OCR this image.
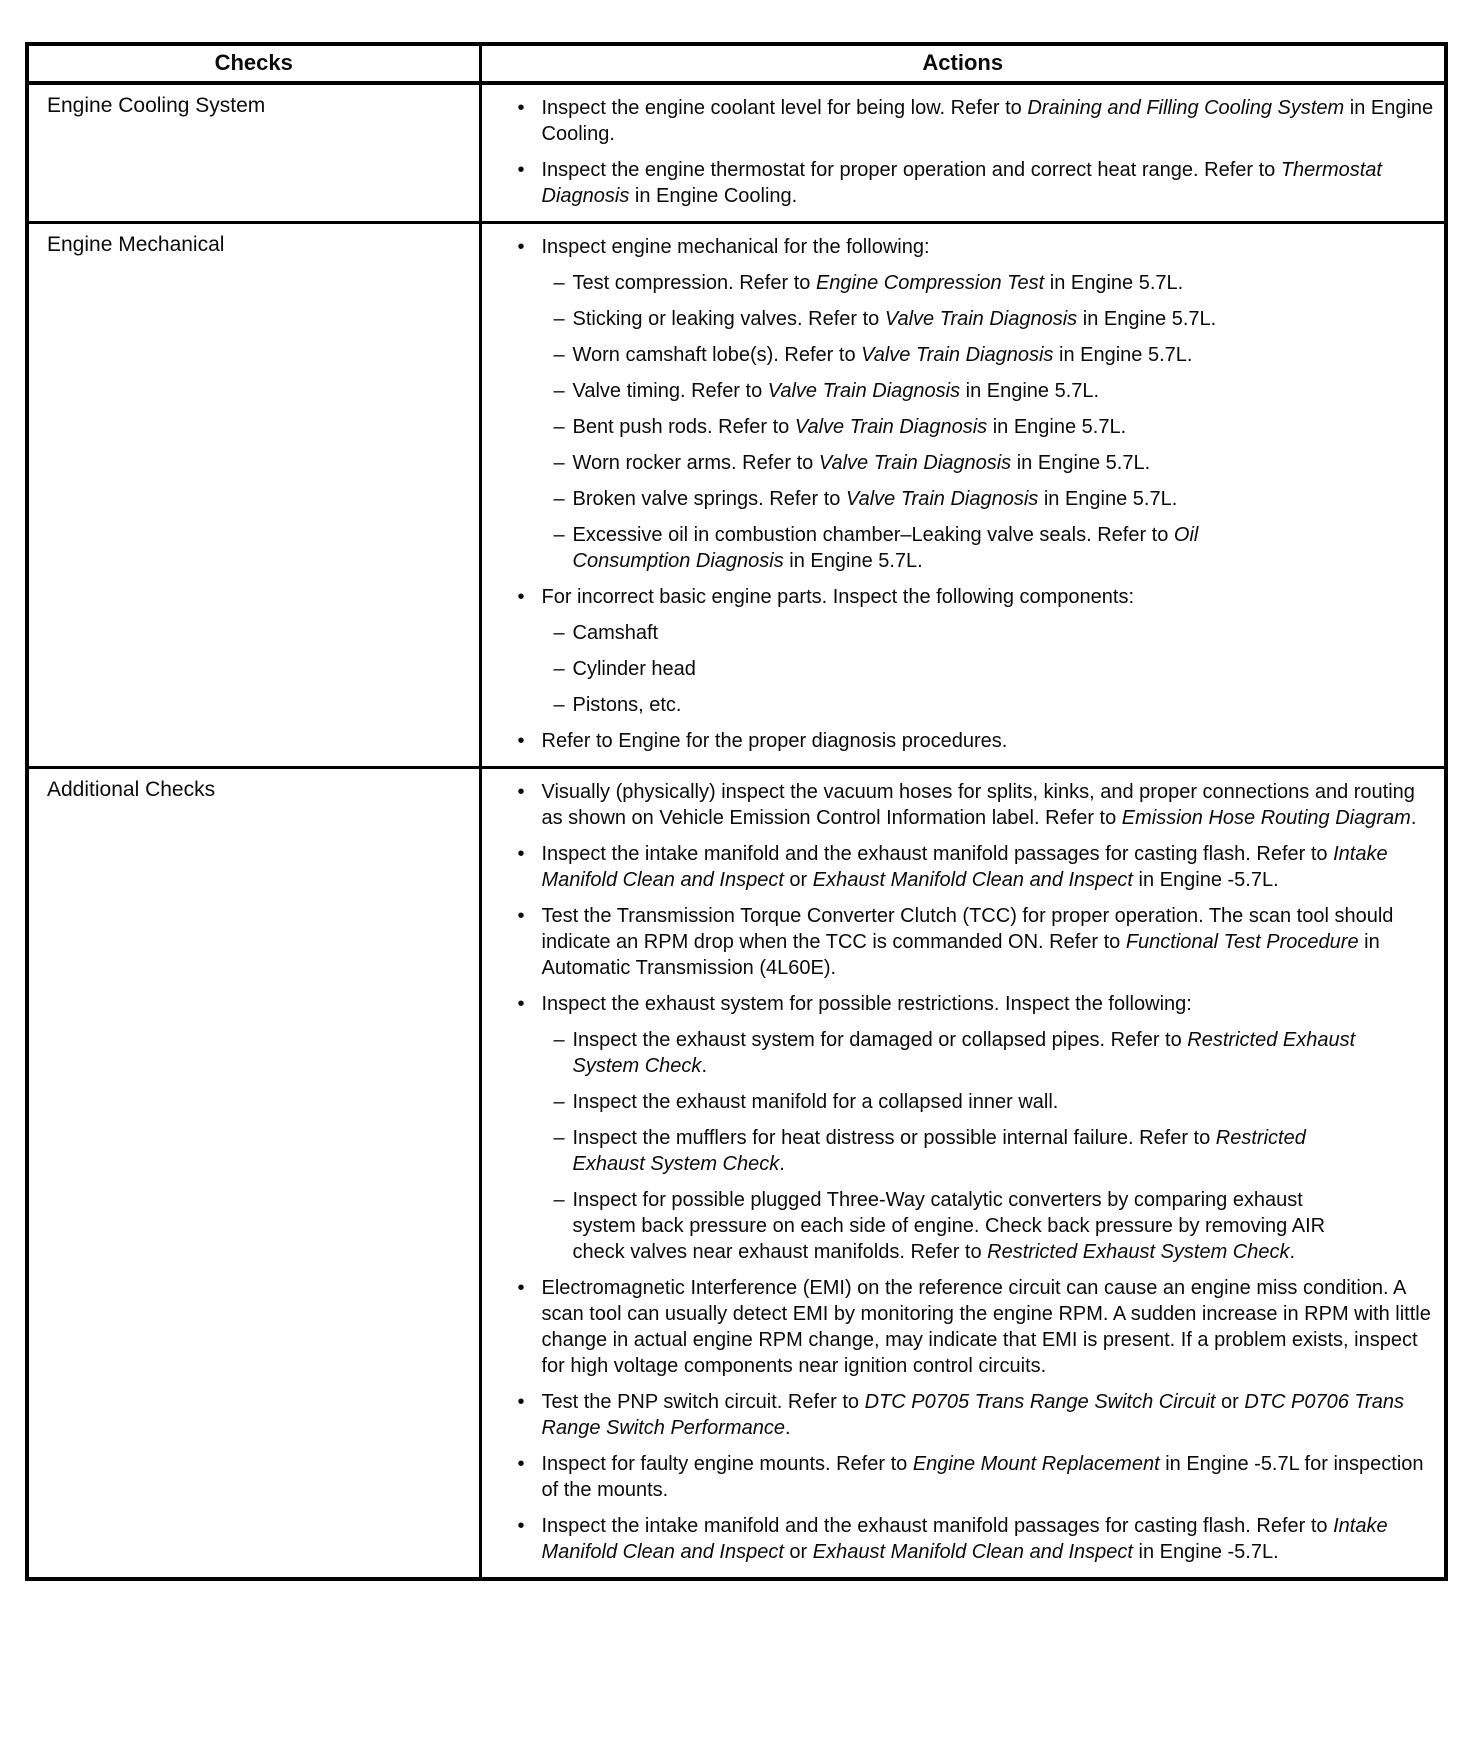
Checks	Actions
Engine Cooling System	• Inspect the engine coolant level for being low. Refer to Draining and Filling Cooling System in Engine Cooling.
• Inspect the engine thermostat for proper operation and correct heat range. Refer to Thermostat Diagnosis in Engine Cooling.

Engine Mechanical	• Inspect engine mechanical for the following:
– Test compression. Refer to Engine Compression Test in Engine 5.7L.
– Sticking or leaking valves. Refer to Valve Train Diagnosis in Engine 5.7L.
– Worn camshaft lobe(s). Refer to Valve Train Diagnosis in Engine 5.7L.
– Valve timing. Refer to Valve Train Diagnosis in Engine 5.7L.
– Bent push rods. Refer to Valve Train Diagnosis in Engine 5.7L.
– Worn rocker arms. Refer to Valve Train Diagnosis in Engine 5.7L.
– Broken valve springs. Refer to Valve Train Diagnosis in Engine 5.7L.
– Excessive oil in combustion chamber–Leaking valve seals. Refer to Oil Consumption Diagnosis in Engine 5.7L.
• For incorrect basic engine parts. Inspect the following components:
– Camshaft
– Cylinder head
– Pistons, etc.
• Refer to Engine for the proper diagnosis procedures.

Additional Checks	• Visually (physically) inspect the vacuum hoses for splits, kinks, and proper connections and routing as shown on Vehicle Emission Control Information label. Refer to Emission Hose Routing Diagram.
• Inspect the intake manifold and the exhaust manifold passages for casting flash. Refer to Intake Manifold Clean and Inspect or Exhaust Manifold Clean and Inspect in Engine -5.7L.
• Test the Transmission Torque Converter Clutch (TCC) for proper operation. The scan tool should indicate an RPM drop when the TCC is commanded ON. Refer to Functional Test Procedure in Automatic Transmission (4L60E).
• Inspect the exhaust system for possible restrictions. Inspect the following:
– Inspect the exhaust system for damaged or collapsed pipes. Refer to Restricted Exhaust System Check.
– Inspect the exhaust manifold for a collapsed inner wall.
– Inspect the mufflers for heat distress or possible internal failure. Refer to Restricted Exhaust System Check.
– Inspect for possible plugged Three-Way catalytic converters by comparing exhaust system back pressure on each side of engine. Check back pressure by removing AIR check valves near exhaust manifolds. Refer to Restricted Exhaust System Check.
• Electromagnetic Interference (EMI) on the reference circuit can cause an engine miss condition. A scan tool can usually detect EMI by monitoring the engine RPM. A sudden increase in RPM with little change in actual engine RPM change, may indicate that EMI is present. If a problem exists, inspect for high voltage components near ignition control circuits.
• Test the PNP switch circuit. Refer to DTC P0705 Trans Range Switch Circuit or DTC P0706 Trans Range Switch Performance.
• Inspect for faulty engine mounts. Refer to Engine Mount Replacement in Engine -5.7L for inspection of the mounts.
• Inspect the intake manifold and the exhaust manifold passages for casting flash. Refer to Intake Manifold Clean and Inspect or Exhaust Manifold Clean and Inspect in Engine -5.7L.
